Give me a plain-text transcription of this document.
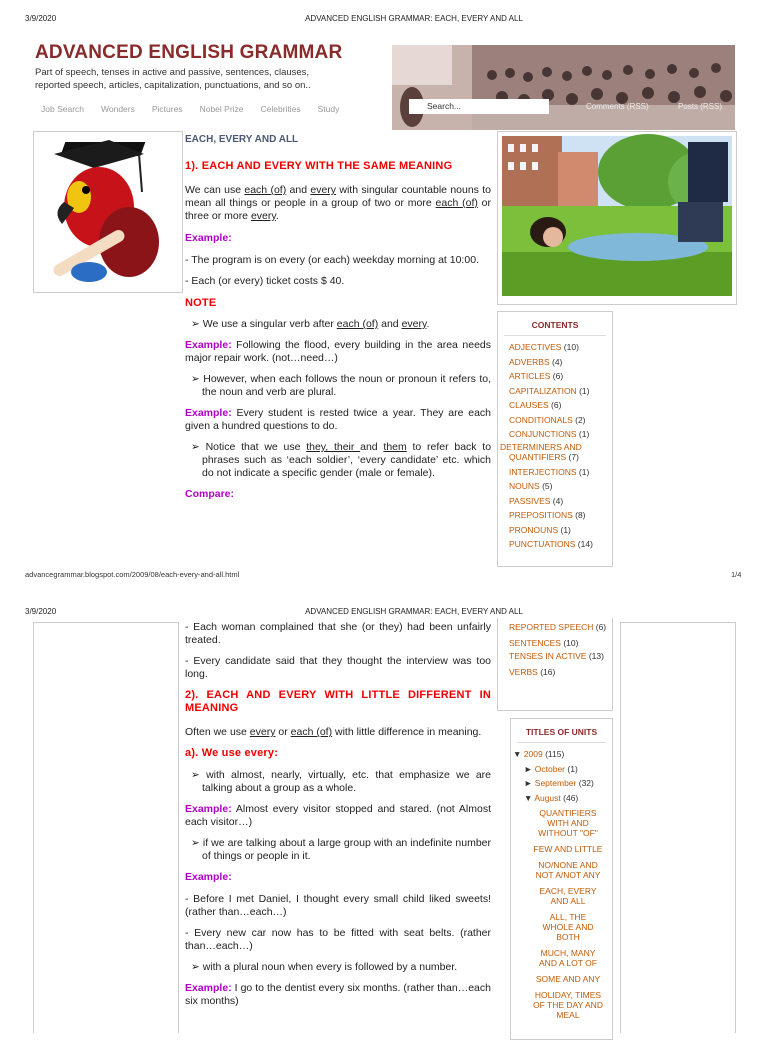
3/9/2020	ADVANCED ENGLISH GRAMMAR: EACH, EVERY AND ALL
ADVANCED ENGLISH GRAMMAR
Part of speech, tenses in active and passive, sentences, clauses, reported speech, articles, capitalization, punctuations, and so on..
Job Search Wonders Pictures Nobel Prize Celebrities Study	Search...	Comments (RSS)	Posts (RSS)

EACH, EVERY AND ALL

1). EACH AND EVERY WITH THE SAME MEANING

We can use each (of) and every with singular countable nouns to mean all things or people in a group of two or more each (of) or three or more every.

Example:

- The program is on every (or each) weekday morning at 10:00.

- Each (or every) ticket costs $ 40.

NOTE

➢ We use a singular verb after each (of) and every.

Example: Following the flood, every building in the area needs major repair work. (not…need…)

➢ However, when each follows the noun or pronoun it refers to, the noun and verb are plural.

Example: Every student is rested twice a year. They are each given a hundred questions to do.

➢ Notice that we use they, their and them to refer back to phrases such as ‘each soldier’, ‘every candidate’ etc. which do not indicate a specific gender (male or female).

Compare:

CONTENTS
ADJECTIVES (10)
ADVERBS (4)
ARTICLES (6)
CAPITALIZATION (1)
CLAUSES (6)
CONDITIONALS (2)
CONJUNCTIONS (1)
DETERMINERS AND QUANTIFIERS (7)
INTERJECTIONS (1)
NOUNS (5)
PASSIVES (4)
PREPOSITIONS (8)
PRONOUNS (1)
PUNCTUATIONS (14)
advancegrammar.blogspot.com/2009/08/each-every-and-all.html	1/4
3/9/2020	ADVANCED ENGLISH GRAMMAR: EACH, EVERY AND ALL

- Each woman complained that she (or they) had been unfairly treated.

- Every candidate said that they thought the interview was too long.

2). EACH AND EVERY WITH LITTLE DIFFERENT IN MEANING

Often we use every or each (of) with little difference in meaning.

a). We use every:

➢ with almost, nearly, virtually, etc. that emphasize we are talking about a group as a whole.

Example: Almost every visitor stopped and stared. (not Almost each visitor…)

➢ if we are talking about a large group with an indefinite number of things or people in it.

Example:

- Before I met Daniel, I thought every small child liked sweets! (rather than…each…)

- Every new car now has to be fitted with seat belts. (rather than…each…)

➢ with a plural noun when every is followed by a number.

Example: I go to the dentist every six months. (rather than…each six months)

REPORTED SPEECH (6)
SENTENCES (10)
TENSES IN ACTIVE (13)
VERBS (16)
TITLES OF UNITS
▼ 2009 (115)
► October (1)
► September (32)
▼ August (46)
QUANTIFIERS WITH AND WITHOUT "OF"
FEW AND LITTLE
NO/NONE AND NOT A/NOT ANY
EACH, EVERY AND ALL
ALL, THE WHOLE AND BOTH
MUCH, MANY AND A LOT OF
SOME AND ANY
HOLIDAY, TIMES OF THE DAY AND MEAL
